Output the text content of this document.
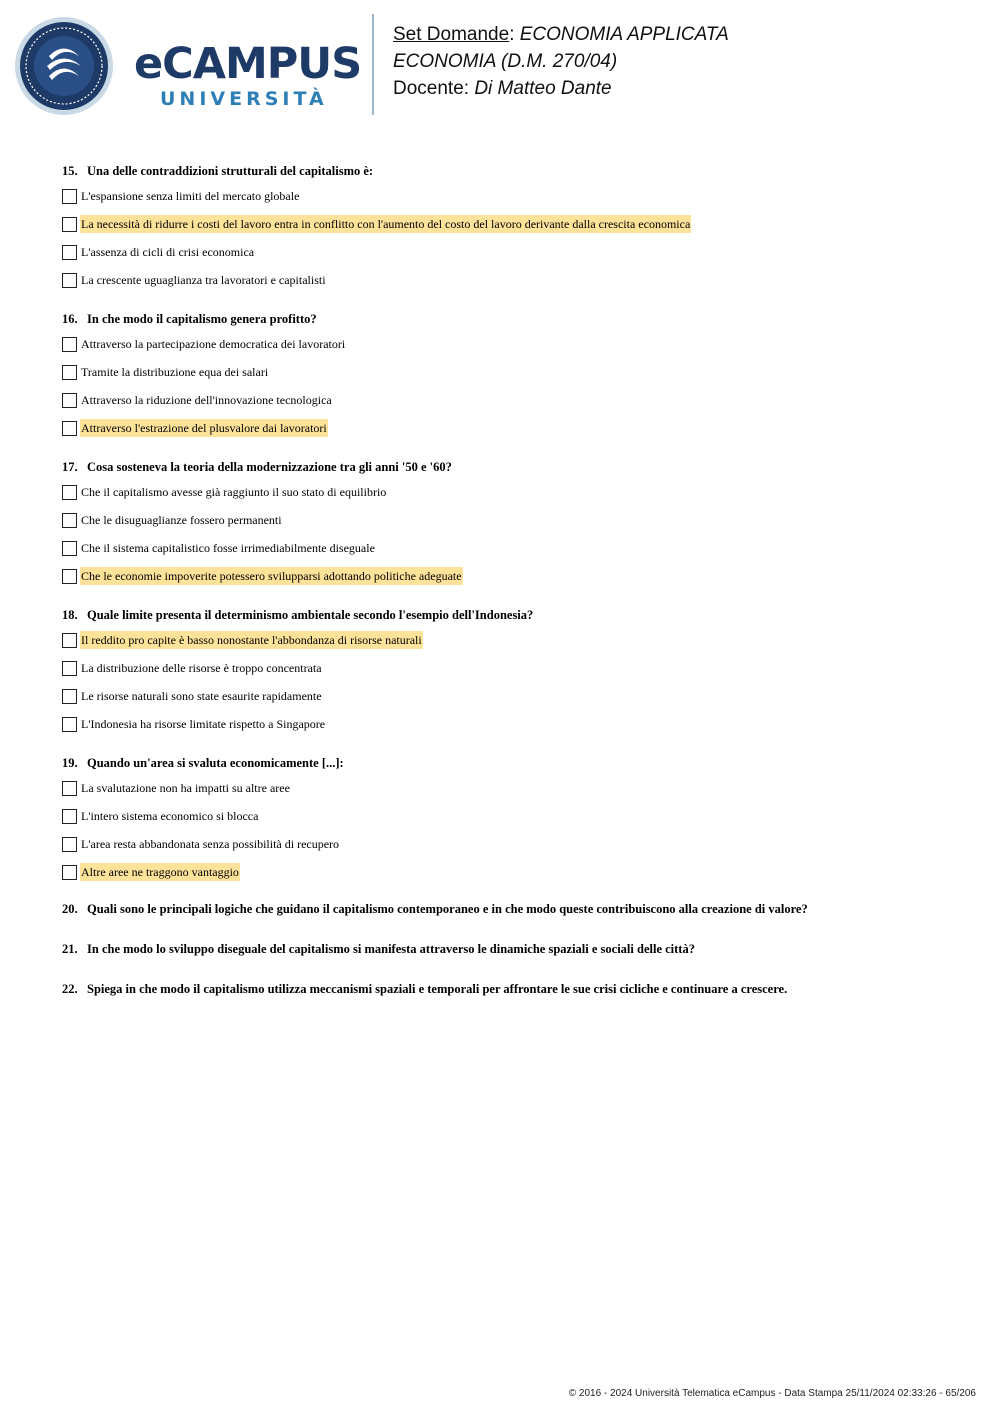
eCAMPUS
UNIVERSITÀ
Set Domande: ECONOMIA APPLICATA
ECONOMIA (D.M. 270/04)
Docente: Di Matteo Dante

15. Una delle contraddizioni strutturali del capitalismo è:

L'espansione senza limiti del mercato globale
La necessità di ridurre i costi del lavoro entra in conflitto con l'aumento del costo del lavoro derivante dalla crescita economica
L'assenza di cicli di crisi economica
La crescente uguaglianza tra lavoratori e capitalisti

16. In che modo il capitalismo genera profitto?

Attraverso la partecipazione democratica dei lavoratori
Tramite la distribuzione equa dei salari
Attraverso la riduzione dell'innovazione tecnologica
Attraverso l'estrazione del plusvalore dai lavoratori

17. Cosa sosteneva la teoria della modernizzazione tra gli anni '50 e '60?

Che il capitalismo avesse già raggiunto il suo stato di equilibrio
Che le disuguaglianze fossero permanenti
Che il sistema capitalistico fosse irrimediabilmente diseguale
Che le economie impoverite potessero svilupparsi adottando politiche adeguate

18. Quale limite presenta il determinismo ambientale secondo l'esempio dell'Indonesia?

Il reddito pro capite è basso nonostante l'abbondanza di risorse naturali
La distribuzione delle risorse è troppo concentrata
Le risorse naturali sono state esaurite rapidamente
L'Indonesia ha risorse limitate rispetto a Singapore

19. Quando un'area si svaluta economicamente [...]:

La svalutazione non ha impatti su altre aree
L'intero sistema economico si blocca
L'area resta abbandonata senza possibilità di recupero
Altre aree ne traggono vantaggio
20. Quali sono le principali logiche che guidano il capitalismo contemporaneo e in che modo queste contribuiscono alla creazione di valore?
21. In che modo lo sviluppo diseguale del capitalismo si manifesta attraverso le dinamiche spaziali e sociali delle città?
22. Spiega in che modo il capitalismo utilizza meccanismi spaziali e temporali per affrontare le sue crisi cicliche e continuare a crescere.
© 2016 - 2024 Università Telematica eCampus - Data Stampa 25/11/2024 02:33:26 - 65/206
